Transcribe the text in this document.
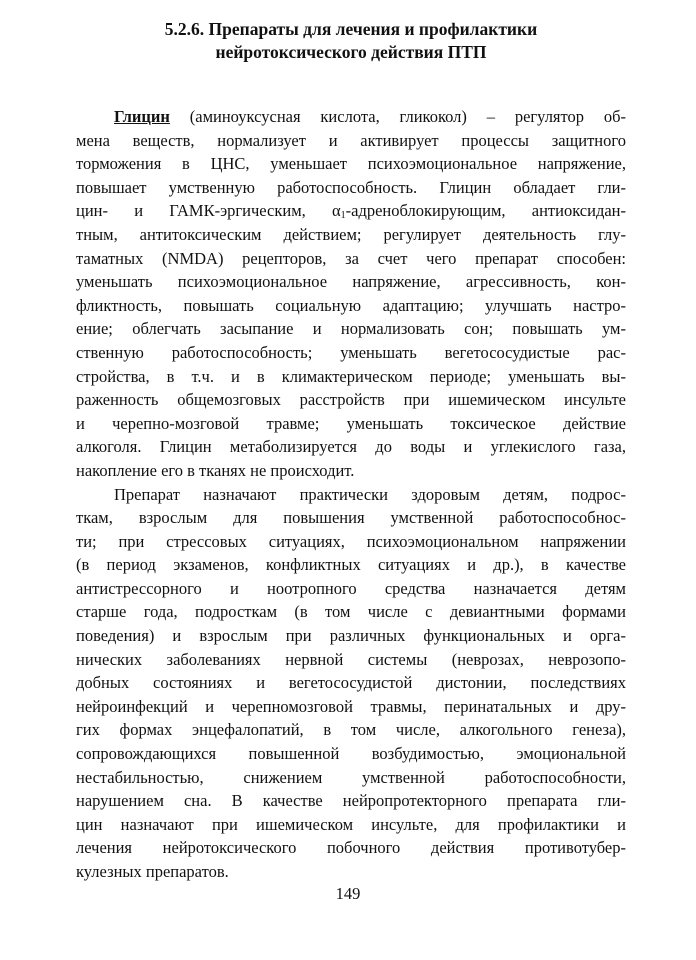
5.2.6. Препараты для лечения и профилактики
нейротоксического действия ПТП

Глицин (аминоуксусная кислота, гликокол) – регулятор об-
мена веществ, нормализует и активирует процессы защитного
торможения в ЦНС, уменьшает психоэмоциональное напряжение,
повышает умственную работоспособность. Глицин обладает гли-
цин- и ГАМК-эргическим, $\alpha_1$-адреноблокирующим, антиоксидан-
тным, антитоксическим действием; регулирует деятельность глу-
таматных (NMDA) рецепторов, за счет чего препарат способен:
уменьшать психоэмоциональное напряжение, агрессивность, кон-
фликтность, повышать социальную адаптацию; улучшать настро-
ение; облегчать засыпание и нормализовать сон; повышать ум-
ственную работоспособность; уменьшать вегетососудистые рас-
стройства, в т.ч. и в климактерическом периоде; уменьшать вы-
раженность общемозговых расстройств при ишемическом инсульте
и черепно-мозговой травме; уменьшать токсическое действие
алкоголя. Глицин метаболизируется до воды и углекислого газа,
накопление его в тканях не происходит.

Препарат назначают практически здоровым детям, подрос-
ткам, взрослым для повышения умственной работоспособнос-
ти; при стрессовых ситуациях, психоэмоциональном напряжении
(в период экзаменов, конфликтных ситуациях и др.), в качестве
антистрессорного и ноотропного средства назначается детям
старше года, подросткам (в том числе с девиантными формами
поведения) и взрослым при различных функциональных и орга-
нических заболеваниях нервной системы (неврозах, неврозопо-
добных состояниях и вегетососудистой дистонии, последствиях
нейроинфекций и черепномозговой травмы, перинатальных и дру-
гих формах энцефалопатий, в том числе, алкогольного генеза),
сопровождающихся повышенной возбудимостью, эмоциональной
нестабильностью, снижением умственной работоспособности,
нарушением сна. В качестве нейропротекторного препарата гли-
цин назначают при ишемическом инсульте, для профилактики и
лечения нейротоксического побочного действия противотубер-
кулезных препаратов.

149
